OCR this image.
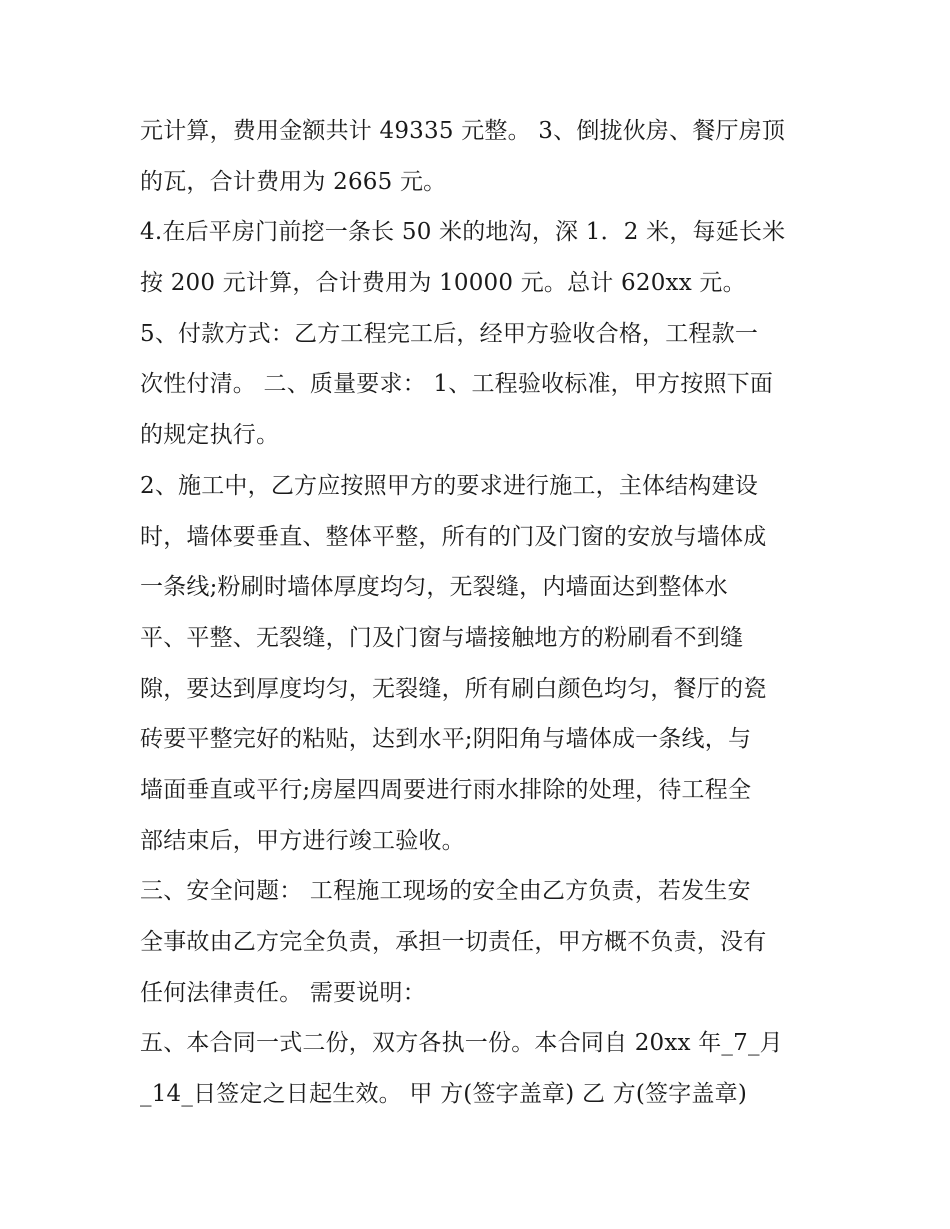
元计算，费用金额共计 49335 元整。 3、倒拢伙房、餐厅房顶
的瓦，合计费用为 2665 元。
4.在后平房门前挖一条长 50 米的地沟，深 1．2 米，每延长米
按 200 元计算，合计费用为 10000 元。总计 620xx 元。
5、付款方式：乙方工程完工后，经甲方验收合格，工程款一
次性付清。 二、质量要求： 1、工程验收标准，甲方按照下面
的规定执行。
2、施工中，乙方应按照甲方的要求进行施工，主体结构建设
时，墙体要垂直、整体平整，所有的门及门窗的安放与墙体成
一条线;粉刷时墙体厚度均匀，无裂缝，内墙面达到整体水
平、平整、无裂缝，门及门窗与墙接触地方的粉刷看不到缝
隙，要达到厚度均匀，无裂缝，所有刷白颜色均匀，餐厅的瓷
砖要平整完好的粘贴，达到水平;阴阳角与墙体成一条线，与
墙面垂直或平行;房屋四周要进行雨水排除的处理，待工程全
部结束后，甲方进行竣工验收。
三、安全问题： 工程施工现场的安全由乙方负责，若发生安
全事故由乙方完全负责，承担一切责任，甲方概不负责，没有
任何法律责任。 需要说明：
五、本合同一式二份，双方各执一份。本合同自 20xx 年_7_月
_14_日签定之日起生效。 甲 方(签字盖章) 乙 方(签字盖章)
